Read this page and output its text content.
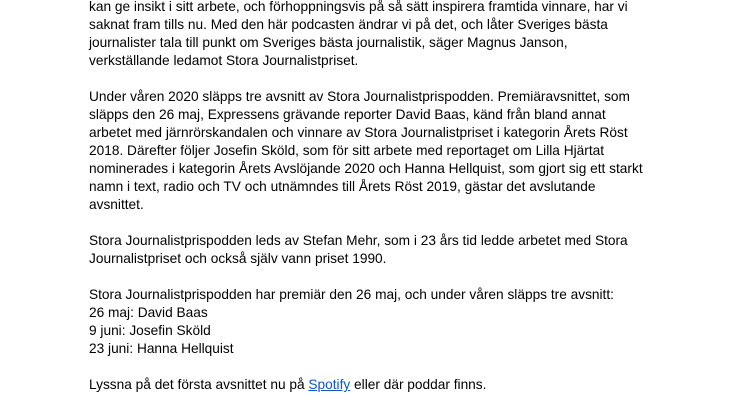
kan ge insikt i sitt arbete, och förhoppningsvis på så sätt inspirera framtida vinnare, har vi
saknat fram tills nu. Med den här podcasten ändrar vi på det, och låter Sveriges bästa
journalister tala till punkt om Sveriges bästa journalistik, säger Magnus Janson,
verkställande ledamot Stora Journalistpriset.
Under våren 2020 släpps tre avsnitt av Stora Journalistprispodden. Premiäravsnittet, som
släpps den 26 maj, Expressens grävande reporter David Baas, känd från bland annat
arbetet med järnrörskandalen och vinnare av Stora Journalistpriset i kategorin Årets Röst
2018. Därefter följer Josefin Sköld, som för sitt arbete med reportaget om Lilla Hjärtat
nominerades i kategorin Årets Avslöjande 2020 och Hanna Hellquist, som gjort sig ett starkt
namn i text, radio och TV och utnämndes till Årets Röst 2019, gästar det avslutande
avsnittet.
Stora Journalistprispodden leds av Stefan Mehr, som i 23 års tid ledde arbetet med Stora
Journalistpriset och också själv vann priset 1990.
Stora Journalistprispodden har premiär den 26 maj, och under våren släpps tre avsnitt:
26 maj: David Baas
9 juni: Josefin Sköld
23 juni: Hanna Hellquist
Lyssna på det första avsnittet nu på Spotify eller där poddar finns.
